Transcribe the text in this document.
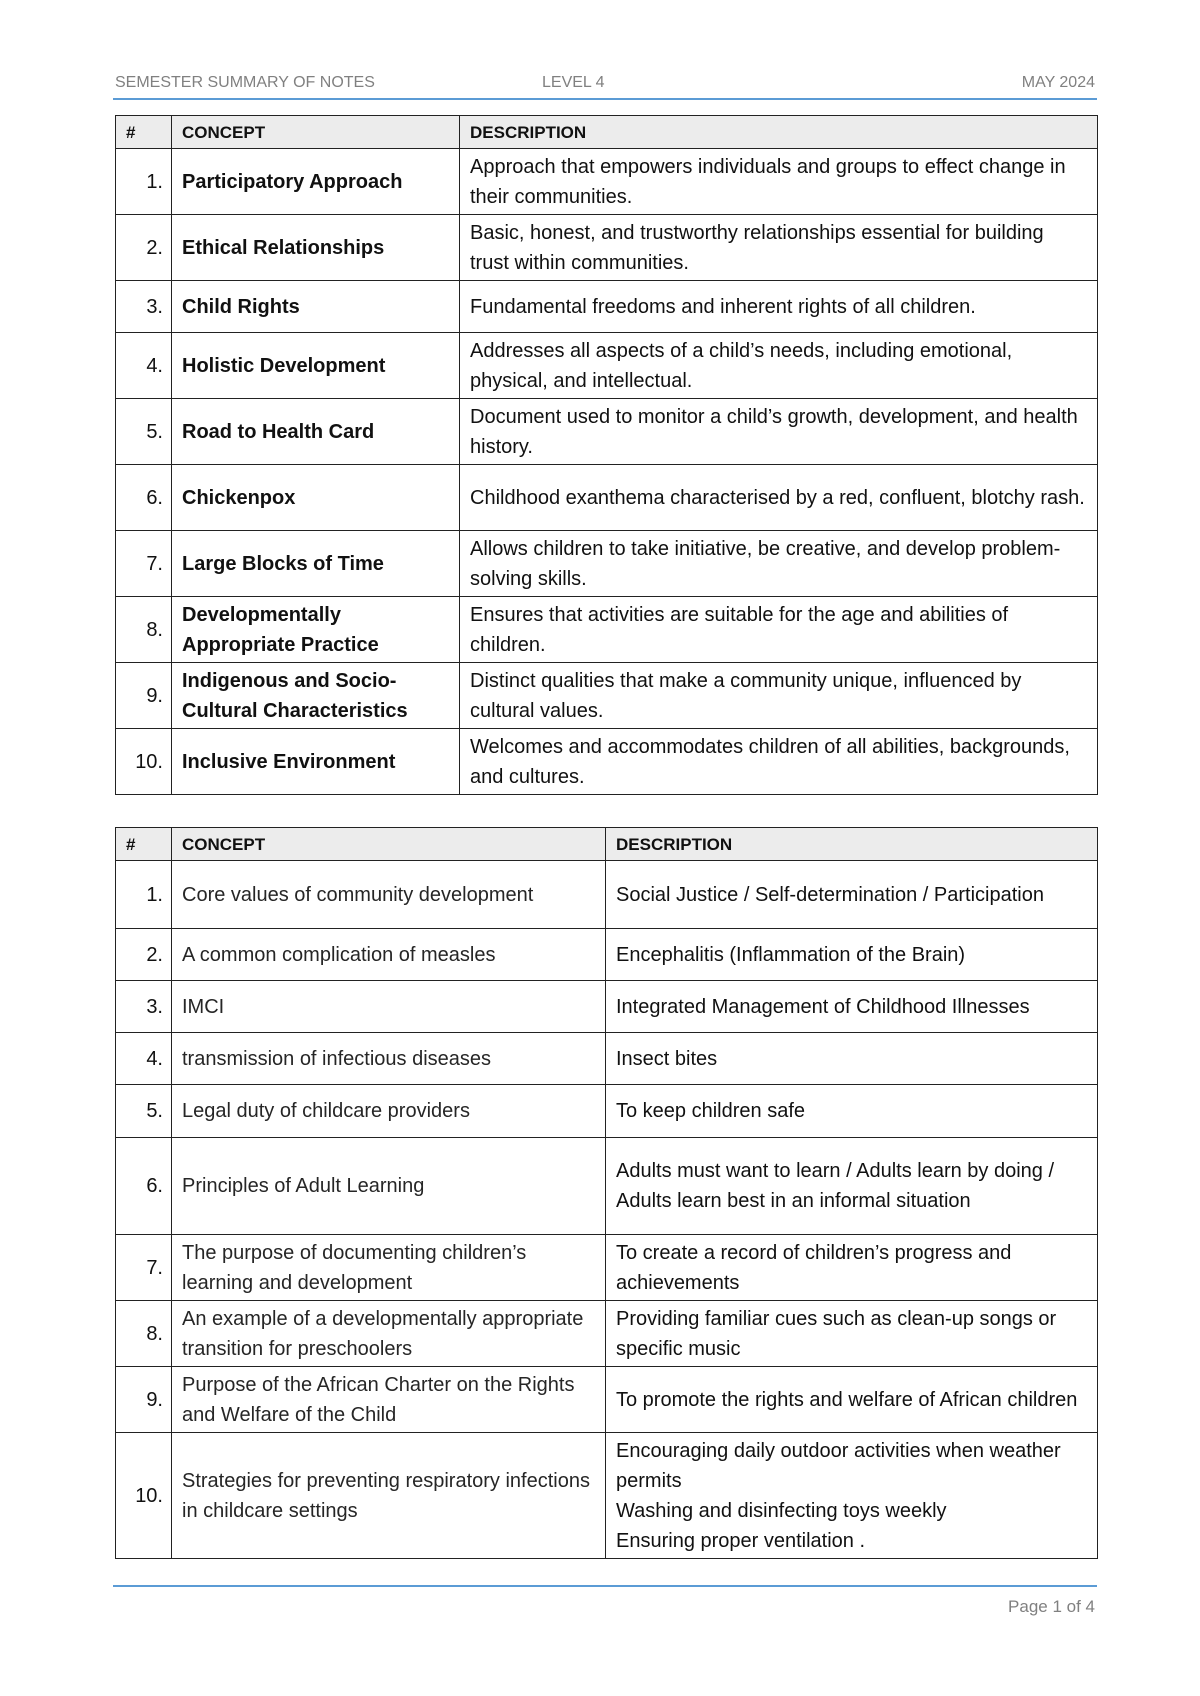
SEMESTER SUMMARY OF NOTES	LEVEL 4	MAY 2024
#	CONCEPT	DESCRIPTION
1.	Participatory Approach	Approach that empowers individuals and groups to effect change in their communities.
2.	Ethical Relationships	Basic, honest, and trustworthy relationships essential for building trust within communities.
3.	Child Rights	Fundamental freedoms and inherent rights of all children.
4.	Holistic Development	Addresses all aspects of a child’s needs, including emotional, physical, and intellectual.
5.	Road to Health Card	Document used to monitor a child’s growth, development, and health history.
6.	Chickenpox	Childhood exanthema characterised by a red, confluent, blotchy rash.
7.	Large Blocks of Time	Allows children to take initiative, be creative, and develop problem-solving skills.
8.	Developmentally Appropriate Practice	Ensures that activities are suitable for the age and abilities of children.
9.	Indigenous and Socio-Cultural Characteristics	Distinct qualities that make a community unique, influenced by cultural values.
10.	Inclusive Environment	Welcomes and accommodates children of all abilities, backgrounds, and cultures.
#	CONCEPT	DESCRIPTION
1.	Core values of community development	Social Justice / Self-determination / Participation
2.	A common complication of measles	Encephalitis (Inflammation of the Brain)
3.	IMCI	Integrated Management of Childhood Illnesses
4.	transmission of infectious diseases	Insect bites
5.	Legal duty of childcare providers	To keep children safe
6.	Principles of Adult Learning	Adults must want to learn / Adults learn by doing / Adults learn best in an informal situation
7.	The purpose of documenting children’s learning and development	To create a record of children’s progress and achievements
8.	An example of a developmentally appropriate transition for preschoolers	Providing familiar cues such as clean-up songs or specific music
9.	Purpose of the African Charter on the Rights and Welfare of the Child	To promote the rights and welfare of African children
10.	Strategies for preventing respiratory infections in childcare settings	Encouraging daily outdoor activities when weather permits
Washing and disinfecting toys weekly
Ensuring proper ventilation .
Page 1 of 4
